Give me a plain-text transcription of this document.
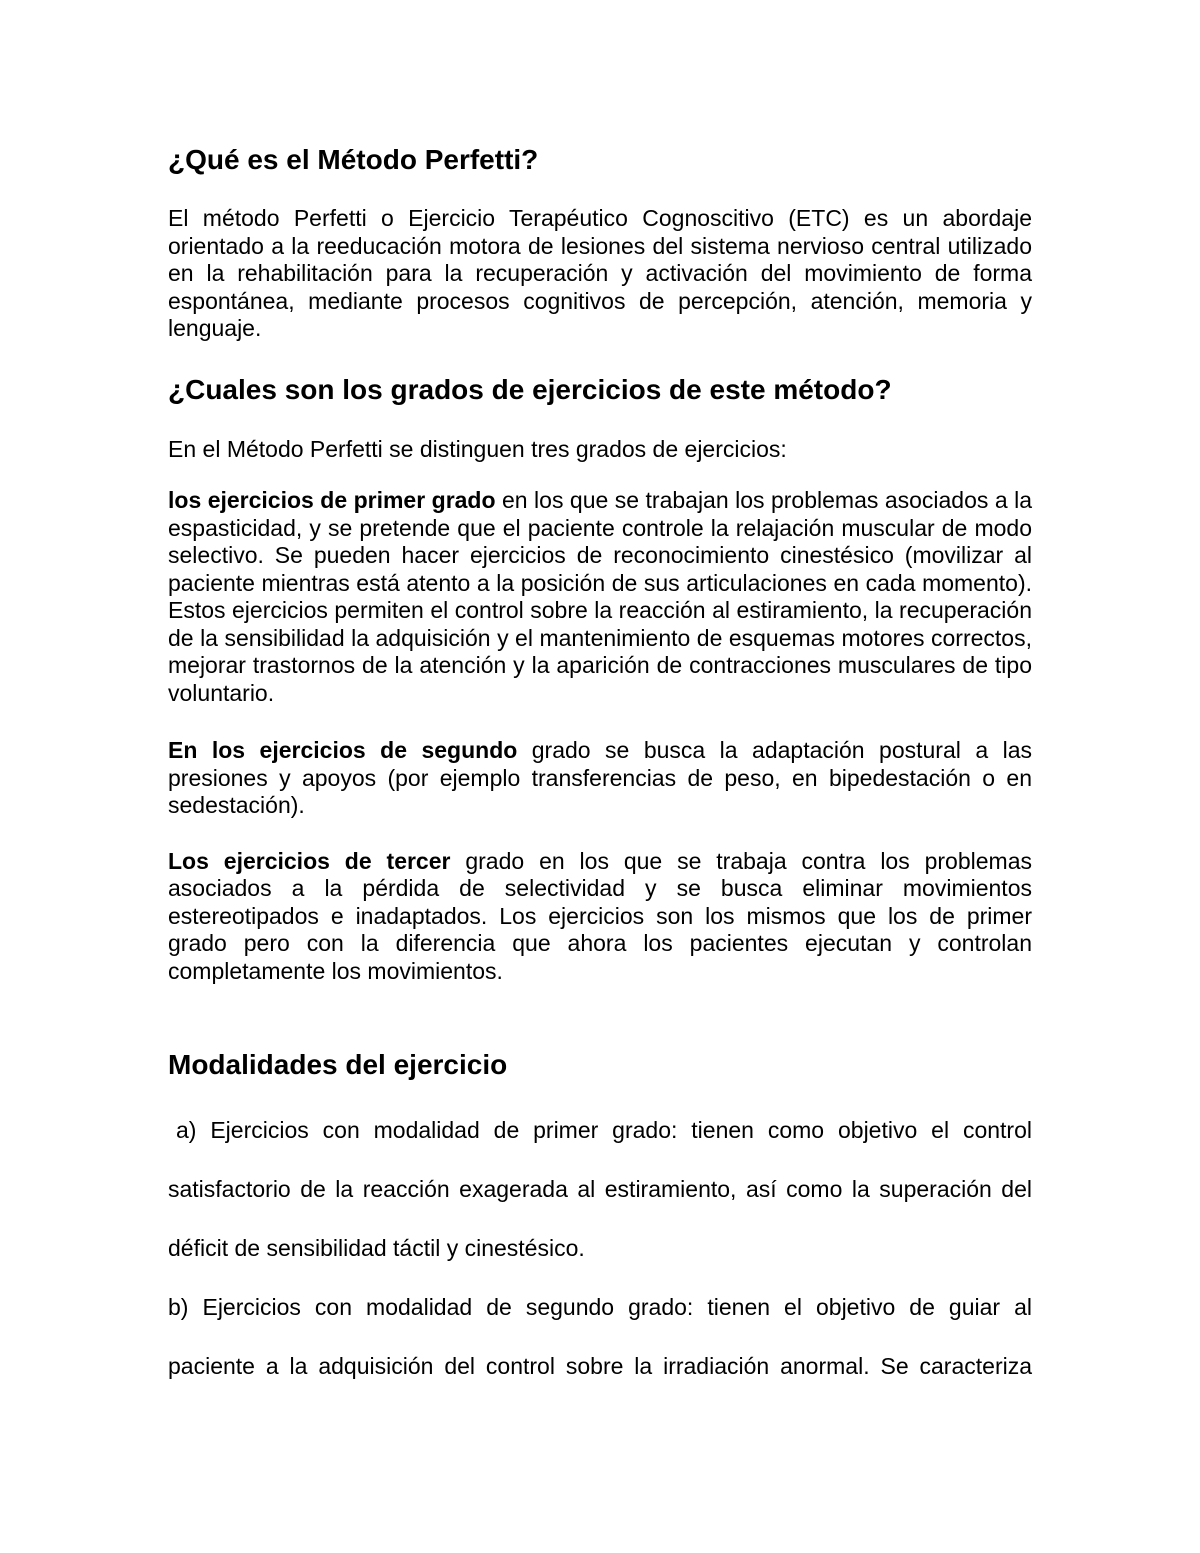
¿Qué es el Método Perfetti?

El método Perfetti o Ejercicio Terapéutico Cognoscitivo (ETC) es un abordaje orientado a la reeducación motora de lesiones del sistema nervioso central utilizado en la rehabilitación para la recuperación y activación del movimiento de forma espontánea, mediante procesos cognitivos de percepción, atención, memoria y lenguaje.

¿Cuales son los grados de ejercicios de este método?

En el Método Perfetti se distinguen tres grados de ejercicios:

los ejercicios de primer grado en los que se trabajan los problemas asociados a la espasticidad, y se pretende que el paciente controle la relajación muscular de modo selectivo. Se pueden hacer ejercicios de reconocimiento cinestésico (movilizar al paciente mientras está atento a la posición de sus articulaciones en cada momento). Estos ejercicios permiten el control sobre la reacción al estiramiento, la recuperación de la sensibilidad la adquisición y el mantenimiento de esquemas motores correctos, mejorar trastornos de la atención y la aparición de contracciones musculares de tipo voluntario.

En los ejercicios de segundo grado se busca la adaptación postural a las presiones y apoyos (por ejemplo transferencias de peso, en bipedestación o en sedestación).

Los ejercicios de tercer grado en los que se trabaja contra los problemas asociados a la pérdida de selectividad y se busca eliminar movimientos estereotipados e inadaptados. Los ejercicios son los mismos que los de primer grado pero con la diferencia que ahora los pacientes ejecutan y controlan completamente los movimientos.

Modalidades del ejercicio

a) Ejercicios con modalidad de primer grado: tienen como objetivo el control satisfactorio de la reacción exagerada al estiramiento, así como la superación del déficit de sensibilidad táctil y cinestésico.

b) Ejercicios con modalidad de segundo grado: tienen el objetivo de guiar al paciente a la adquisición del control sobre la irradiación anormal. Se caracteriza
